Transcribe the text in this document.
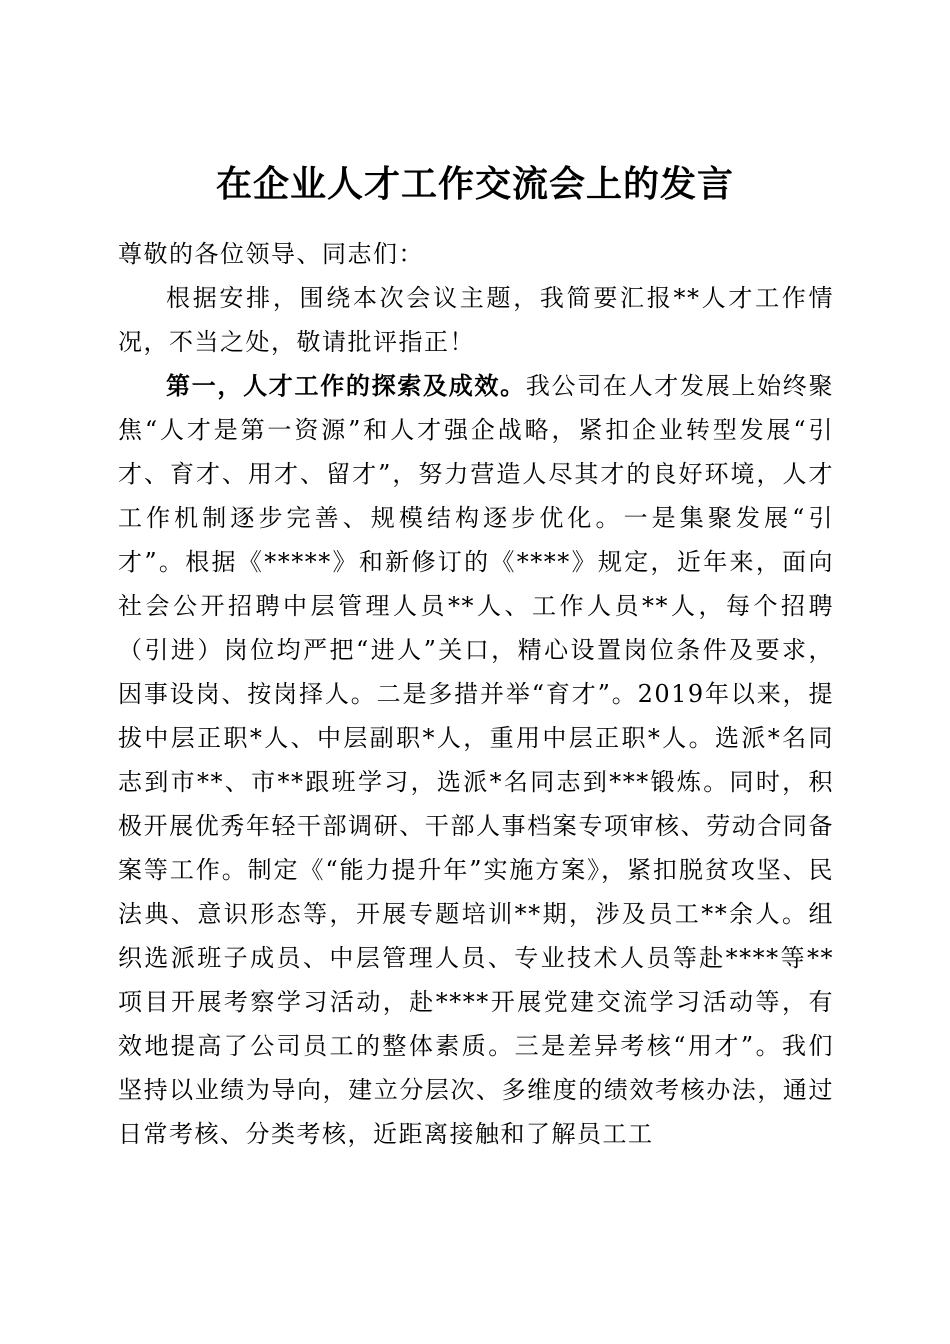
在企业人才工作交流会上的发言

尊敬的各位领导、同志们：

根据安排，围绕本次会议主题，我简要汇报**人才工作情况，不当之处，敬请批评指正！

第一，人才工作的探索及成效。我公司在人才发展上始终聚焦“人才是第一资源”和人才强企战略，紧扣企业转型发展“引才、育才、用才、留才”，努力营造人尽其才的良好环境，人才工作机制逐步完善、规模结构逐步优化。一是集聚发展“引才”。根据《*****》和新修订的《****》规定，近年来，面向社会公开招聘中层管理人员**人、工作人员**人，每个招聘（引进）岗位均严把“进人”关口，精心设置岗位条件及要求，因事设岗、按岗择人。二是多措并举“育才”。2019年以来，提拔中层正职*人、中层副职*人，重用中层正职*人。选派*名同志到市**、市**跟班学习，选派*名同志到***锻炼。同时，积极开展优秀年轻干部调研、干部人事档案专项审核、劳动合同备案等工作。制定《“能力提升年”实施方案》，紧扣脱贫攻坚、民法典、意识形态等，开展专题培训**期，涉及员工**余人。组织选派班子成员、中层管理人员、专业技术人员等赴****等**项目开展考察学习活动，赴****开展党建交流学习活动等，有效地提高了公司员工的整体素质。三是差异考核“用才”。我们坚持以业绩为导向，建立分层次、多维度的绩效考核办法，通过日常考核、分类考核，近距离接触和了解员工工
